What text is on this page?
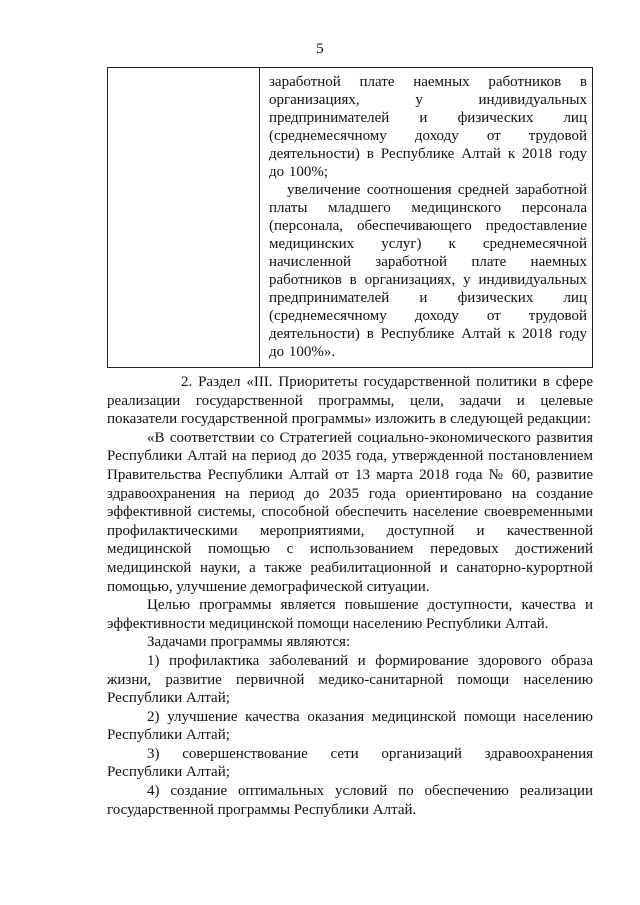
5

заработной плате наемных работников в организациях, у индивидуальных предпринимателей и физических лиц (среднемесячному доходу от трудовой деятельности) в Республике Алтай к 2018 году до 100%;

увеличение соотношения средней заработной платы младшего медицинского персонала (персонала, обеспечивающего предоставление медицинских услуг) к среднемесячной начисленной заработной плате наемных работников в организациях, у индивидуальных предпринимателей и физических лиц (среднемесячному доходу от трудовой деятельности) в Республике Алтай к 2018 году до 100%».

2. Раздел «III. Приоритеты государственной политики в сфере реализации государственной программы, цели, задачи и целевые показатели государственной программы» изложить в следующей редакции:

«В соответствии со Стратегией социально-экономического развития Республики Алтай на период до 2035 года, утвержденной постановлением Правительства Республики Алтай от 13 марта 2018 года № 60, развитие здравоохранения на период до 2035 года ориентировано на создание эффективной системы, способной обеспечить население своевременными профилактическими мероприятиями, доступной и качественной медицинской помощью с использованием передовых достижений медицинской науки, а также реабилитационной и санаторно-курортной помощью, улучшение демографической ситуации.

Целью программы является повышение доступности, качества и эффективности медицинской помощи населению Республики Алтай.

Задачами программы являются:

1) профилактика заболеваний и формирование здорового образа жизни, развитие первичной медико-санитарной помощи населению Республики Алтай;

2) улучшение качества оказания медицинской помощи населению Республики Алтай;

3) совершенствование сети организаций здравоохранения Республики Алтай;

4) создание оптимальных условий по обеспечению реализации государственной программы Республики Алтай.
